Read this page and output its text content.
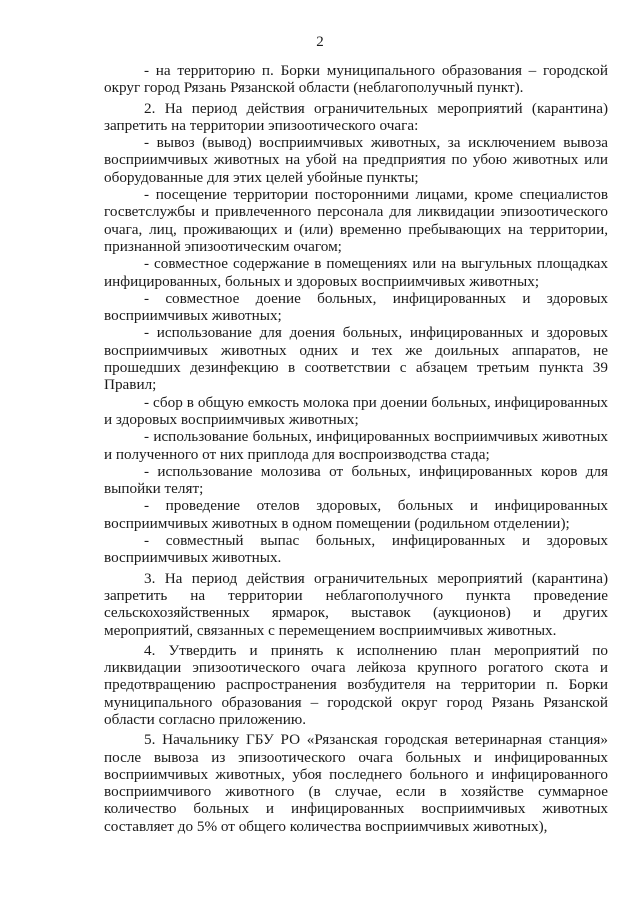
2

- на территорию п. Борки муниципального образования – городской округ город Рязань Рязанской области (неблагополучный пункт).

2. На период действия ограничительных мероприятий (карантина) запретить на территории эпизоотического очага:

- вывоз (вывод) восприимчивых животных, за исключением вывоза восприимчивых животных на убой на предприятия по убою животных или оборудованные для этих целей убойные пункты;

- посещение территории посторонними лицами, кроме специалистов госветслужбы и привлеченного персонала для ликвидации эпизоотического очага, лиц, проживающих и (или) временно пребывающих на территории, признанной эпизоотическим очагом;

- совместное содержание в помещениях или на выгульных площадках инфицированных, больных и здоровых восприимчивых животных;

- совместное доение больных, инфицированных и здоровых восприимчивых животных;

- использование для доения больных, инфицированных и здоровых восприимчивых животных одних и тех же доильных аппаратов, не прошедших дезинфекцию в соответствии с абзацем третьим пункта 39 Правил;

- сбор в общую емкость молока при доении больных, инфицированных и здоровых восприимчивых животных;

- использование больных, инфицированных восприимчивых животных и полученного от них приплода для воспроизводства стада;

- использование молозива от больных, инфицированных коров для выпойки телят;

- проведение отелов здоровых, больных и инфицированных восприимчивых животных в одном помещении (родильном отделении);

- совместный выпас больных, инфицированных и здоровых восприимчивых животных.

3. На период действия ограничительных мероприятий (карантина) запретить на территории неблагополучного пункта проведение сельскохозяйственных ярмарок, выставок (аукционов) и других мероприятий, связанных с перемещением восприимчивых животных.

4. Утвердить и принять к исполнению план мероприятий по ликвидации эпизоотического очага лейкоза крупного рогатого скота и предотвращению распространения возбудителя на территории п. Борки муниципального образования – городской округ город Рязань Рязанской области согласно приложению.

5. Начальнику ГБУ РО «Рязанская городская ветеринарная станция» после вывоза из эпизоотического очага больных и инфицированных восприимчивых животных, убоя последнего больного и инфицированного восприимчивого животного (в случае, если в хозяйстве суммарное количество больных и инфицированных восприимчивых животных составляет до 5% от общего количества восприимчивых животных),
